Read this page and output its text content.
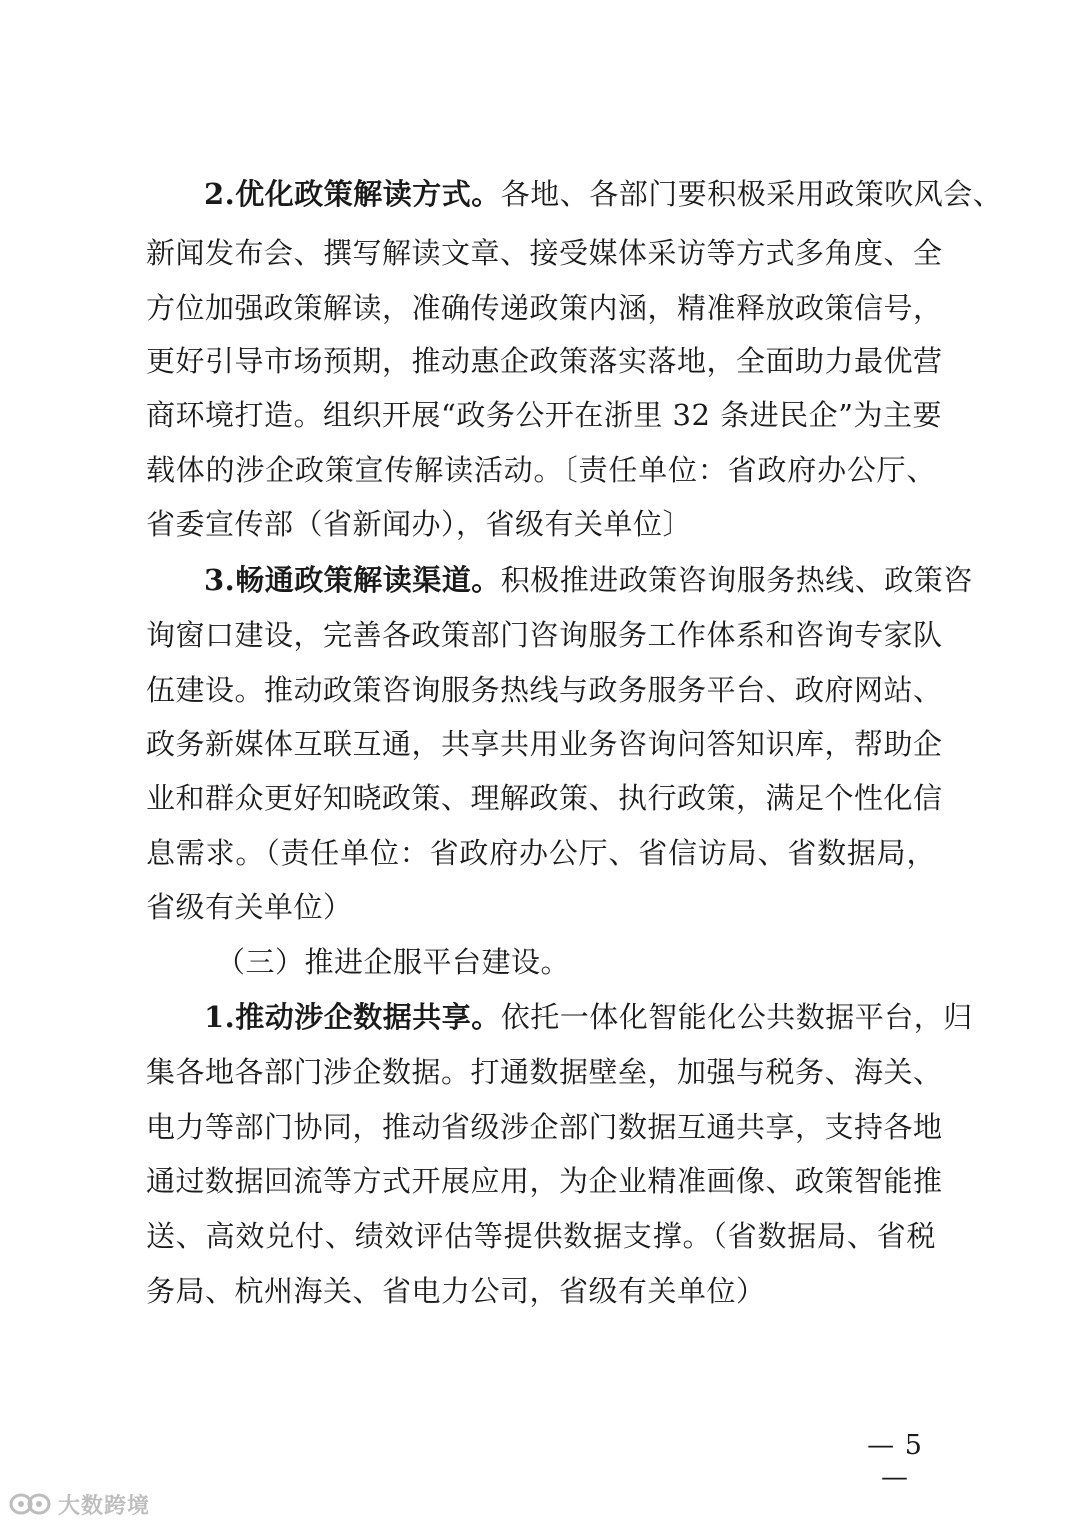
2.优化政策解读方式。各地、各部门要积极采用政策吹风会、
新闻发布会、撰写解读文章、接受媒体采访等方式多角度、全
方位加强政策解读，准确传递政策内涵，精准释放政策信号，
更好引导市场预期，推动惠企政策落实落地，全面助力最优营
商环境打造。组织开展“政务公开在浙里 32 条进民企”为主要
载体的涉企政策宣传解读活动。〔责任单位：省政府办公厅、
省委宣传部（省新闻办），省级有关单位〕
3.畅通政策解读渠道。积极推进政策咨询服务热线、政策咨
询窗口建设，完善各政策部门咨询服务工作体系和咨询专家队
伍建设。推动政策咨询服务热线与政务服务平台、政府网站、
政务新媒体互联互通，共享共用业务咨询问答知识库，帮助企
业和群众更好知晓政策、理解政策、执行政策，满足个性化信
息需求。（责任单位：省政府办公厅、省信访局、省数据局，
省级有关单位）
（三）推进企服平台建设。
1.推动涉企数据共享。依托一体化智能化公共数据平台，归
集各地各部门涉企数据。打通数据壁垒，加强与税务、海关、
电力等部门协同，推动省级涉企部门数据互通共享，支持各地
通过数据回流等方式开展应用，为企业精准画像、政策智能推
送、高效兑付、绩效评估等提供数据支撑。（省数据局、省税
务局、杭州海关、省电力公司，省级有关单位）
— 5 —
大数跨境
